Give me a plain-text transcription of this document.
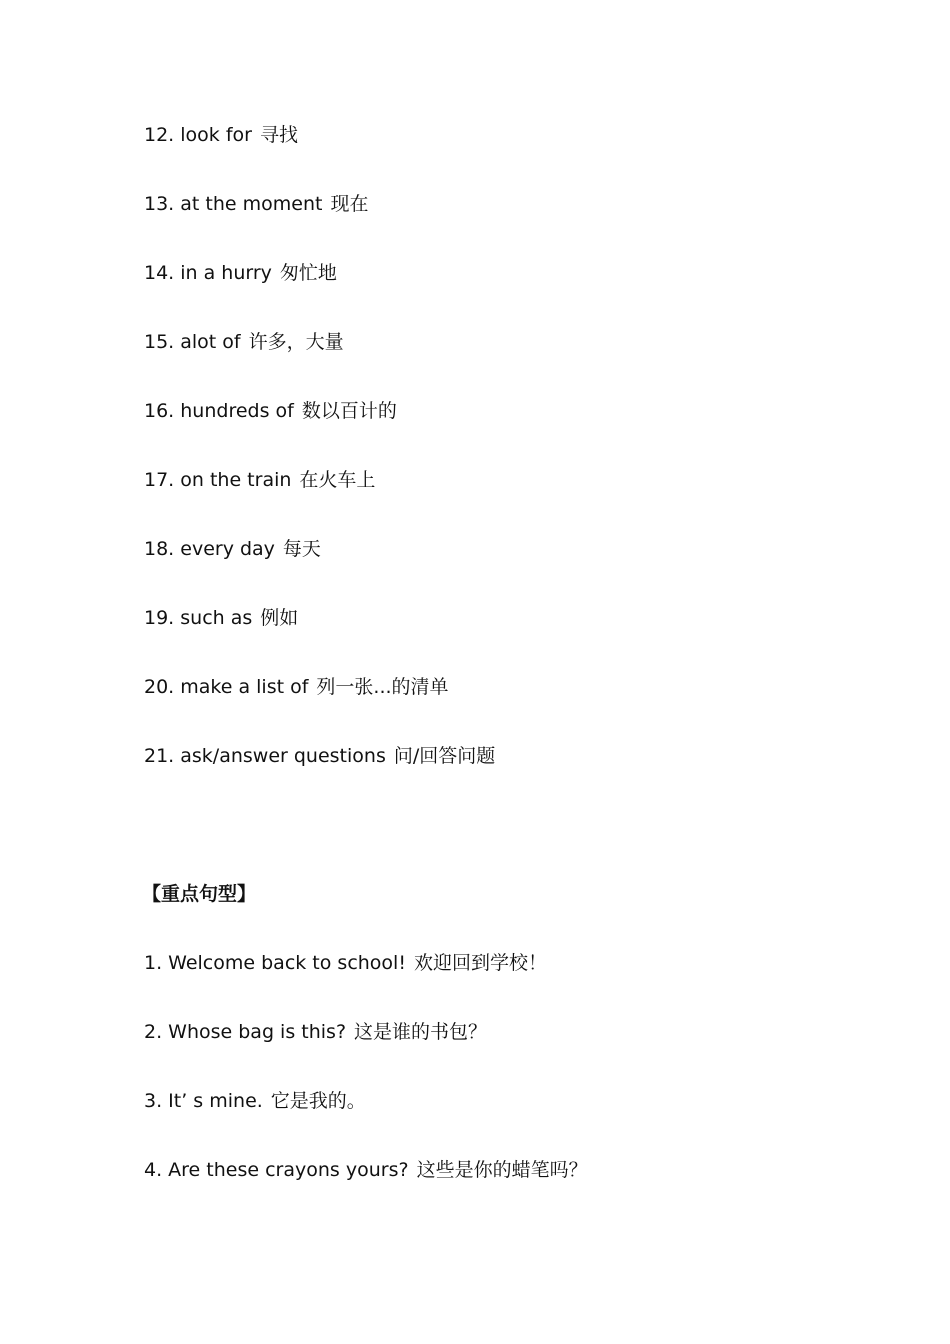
12. look for 寻找
13. at the moment 现在
14. in a hurry 匆忙地
15. alot of 许多，大量
16. hundreds of 数以百计的
17. on the train 在火车上
18. every day 每天
19. such as 例如
20. make a list of 列一张...的清单
21. ask/answer questions 问/回答问题
【重点句型】
1. Welcome back to school! 欢迎回到学校！
2. Whose bag is this? 这是谁的书包？
3. It’ s mine. 它是我的。
4. Are these crayons yours? 这些是你的蜡笔吗？
